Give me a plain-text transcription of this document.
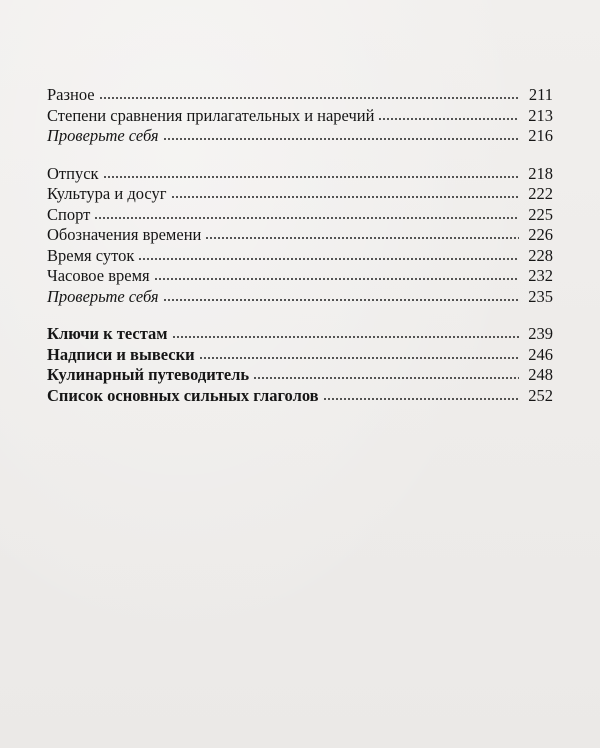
Разное	211
Степени сравнения прилагательных и наречий	213
Проверьте себя	216
Отпуск	218
Культура и досуг	222
Спорт	225
Обозначения времени	226
Время суток	228
Часовое время	232
Проверьте себя	235
Ключи к тестам	239
Надписи и вывески	246
Кулинарный путеводитель	248
Список основных сильных глаголов	252
